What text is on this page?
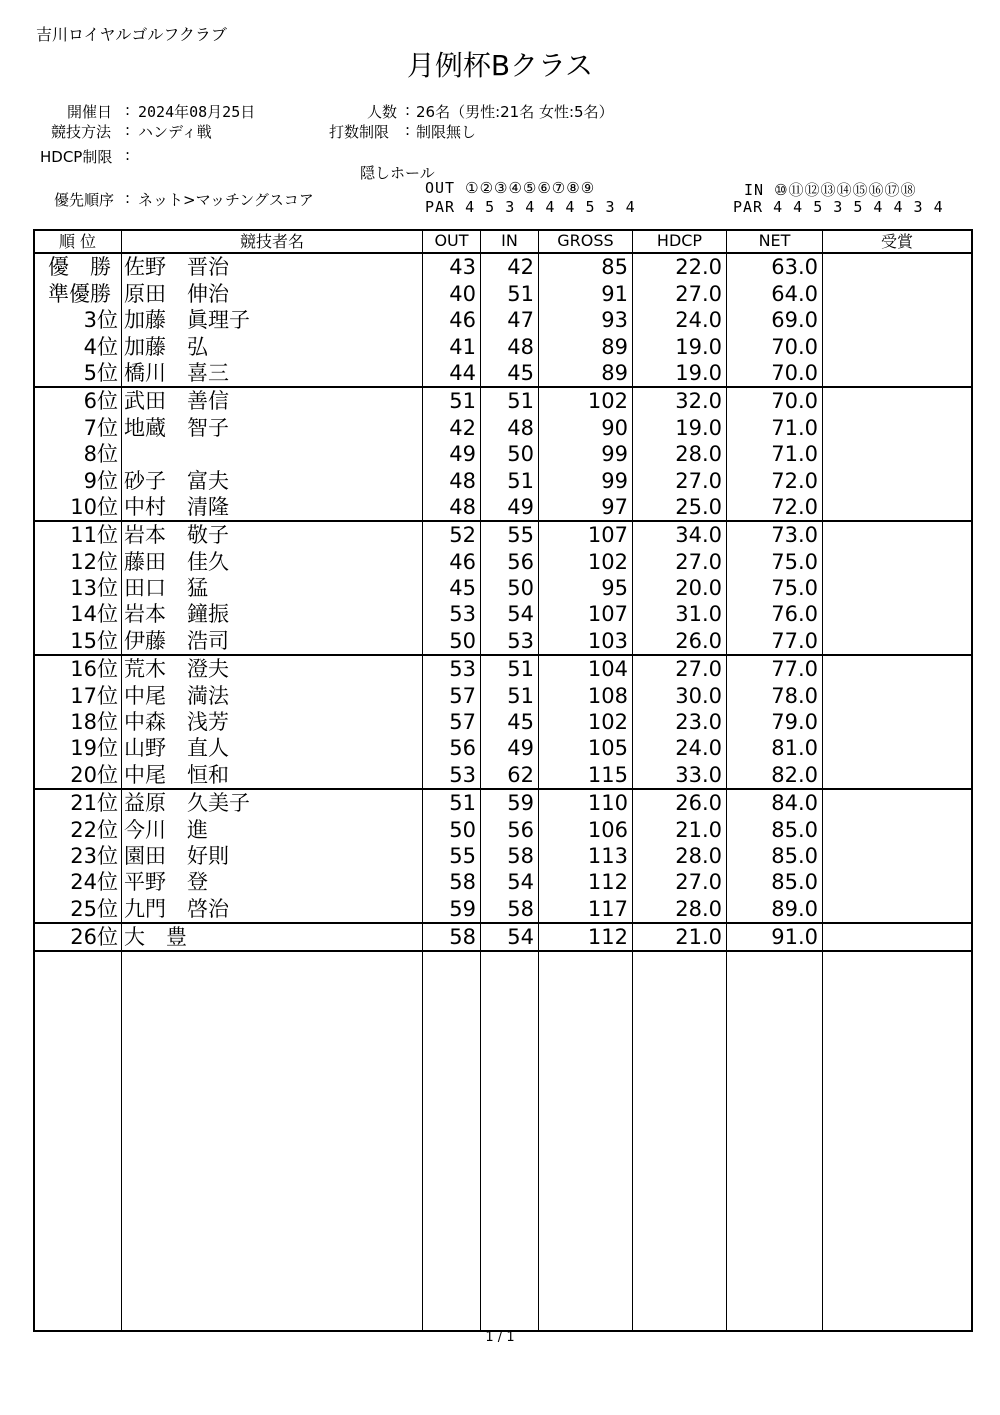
吉川ロイヤルゴルフクラブ
月例杯Bクラス
開催日 : 2024年08月25日
競技方法 : ハンディ戦
HDCP制限 :
優先順序 : ネット>マッチングスコア
人数 : 26名（男性:21名 女性:5名）
打数制限 : 制限無し
隠しホール
OUT ①②③④⑤⑥⑦⑧⑨
PAR 4 5 3 4 4 4 5 3 4
IN ⑩⑪⑫⑬⑭⑮⑯⑰⑱
PAR 4 4 5 3 5 4 4 3 4
順 位	競技者名	OUT	IN	GROSS	HDCP	NET	受賞
優　勝	佐野　晋治	43	42	85	22.0	63.0	
準優勝	原田　伸治	40	51	91	27.0	64.0	
3位	加藤　眞理子	46	47	93	24.0	69.0	
4位	加藤　弘	41	48	89	19.0	70.0	
5位	橋川　喜三	44	45	89	19.0	70.0	
6位	武田　善信	51	51	102	32.0	70.0	
7位	地蔵　智子	42	48	90	19.0	71.0	
8位		49	50	99	28.0	71.0	
9位	砂子　富夫	48	51	99	27.0	72.0	
10位	中村　清隆	48	49	97	25.0	72.0	
11位	岩本　敬子	52	55	107	34.0	73.0	
12位	藤田　佳久	46	56	102	27.0	75.0	
13位	田口　猛	45	50	95	20.0	75.0	
14位	岩本　鐘振	53	54	107	31.0	76.0	
15位	伊藤　浩司	50	53	103	26.0	77.0	
16位	荒木　澄夫	53	51	104	27.0	77.0	
17位	中尾　満法	57	51	108	30.0	78.0	
18位	中森　浅芳	57	45	102	23.0	79.0	
19位	山野　直人	56	49	105	24.0	81.0	
20位	中尾　恒和	53	62	115	33.0	82.0	
21位	益原　久美子	51	59	110	26.0	84.0	
22位	今川　進	50	56	106	21.0	85.0	
23位	園田　好則	55	58	113	28.0	85.0	
24位	平野　登	58	54	112	27.0	85.0	
25位	九門　啓治	59	58	117	28.0	89.0	
26位	大　豊	58	54	112	21.0	91.0	

1 / 1
